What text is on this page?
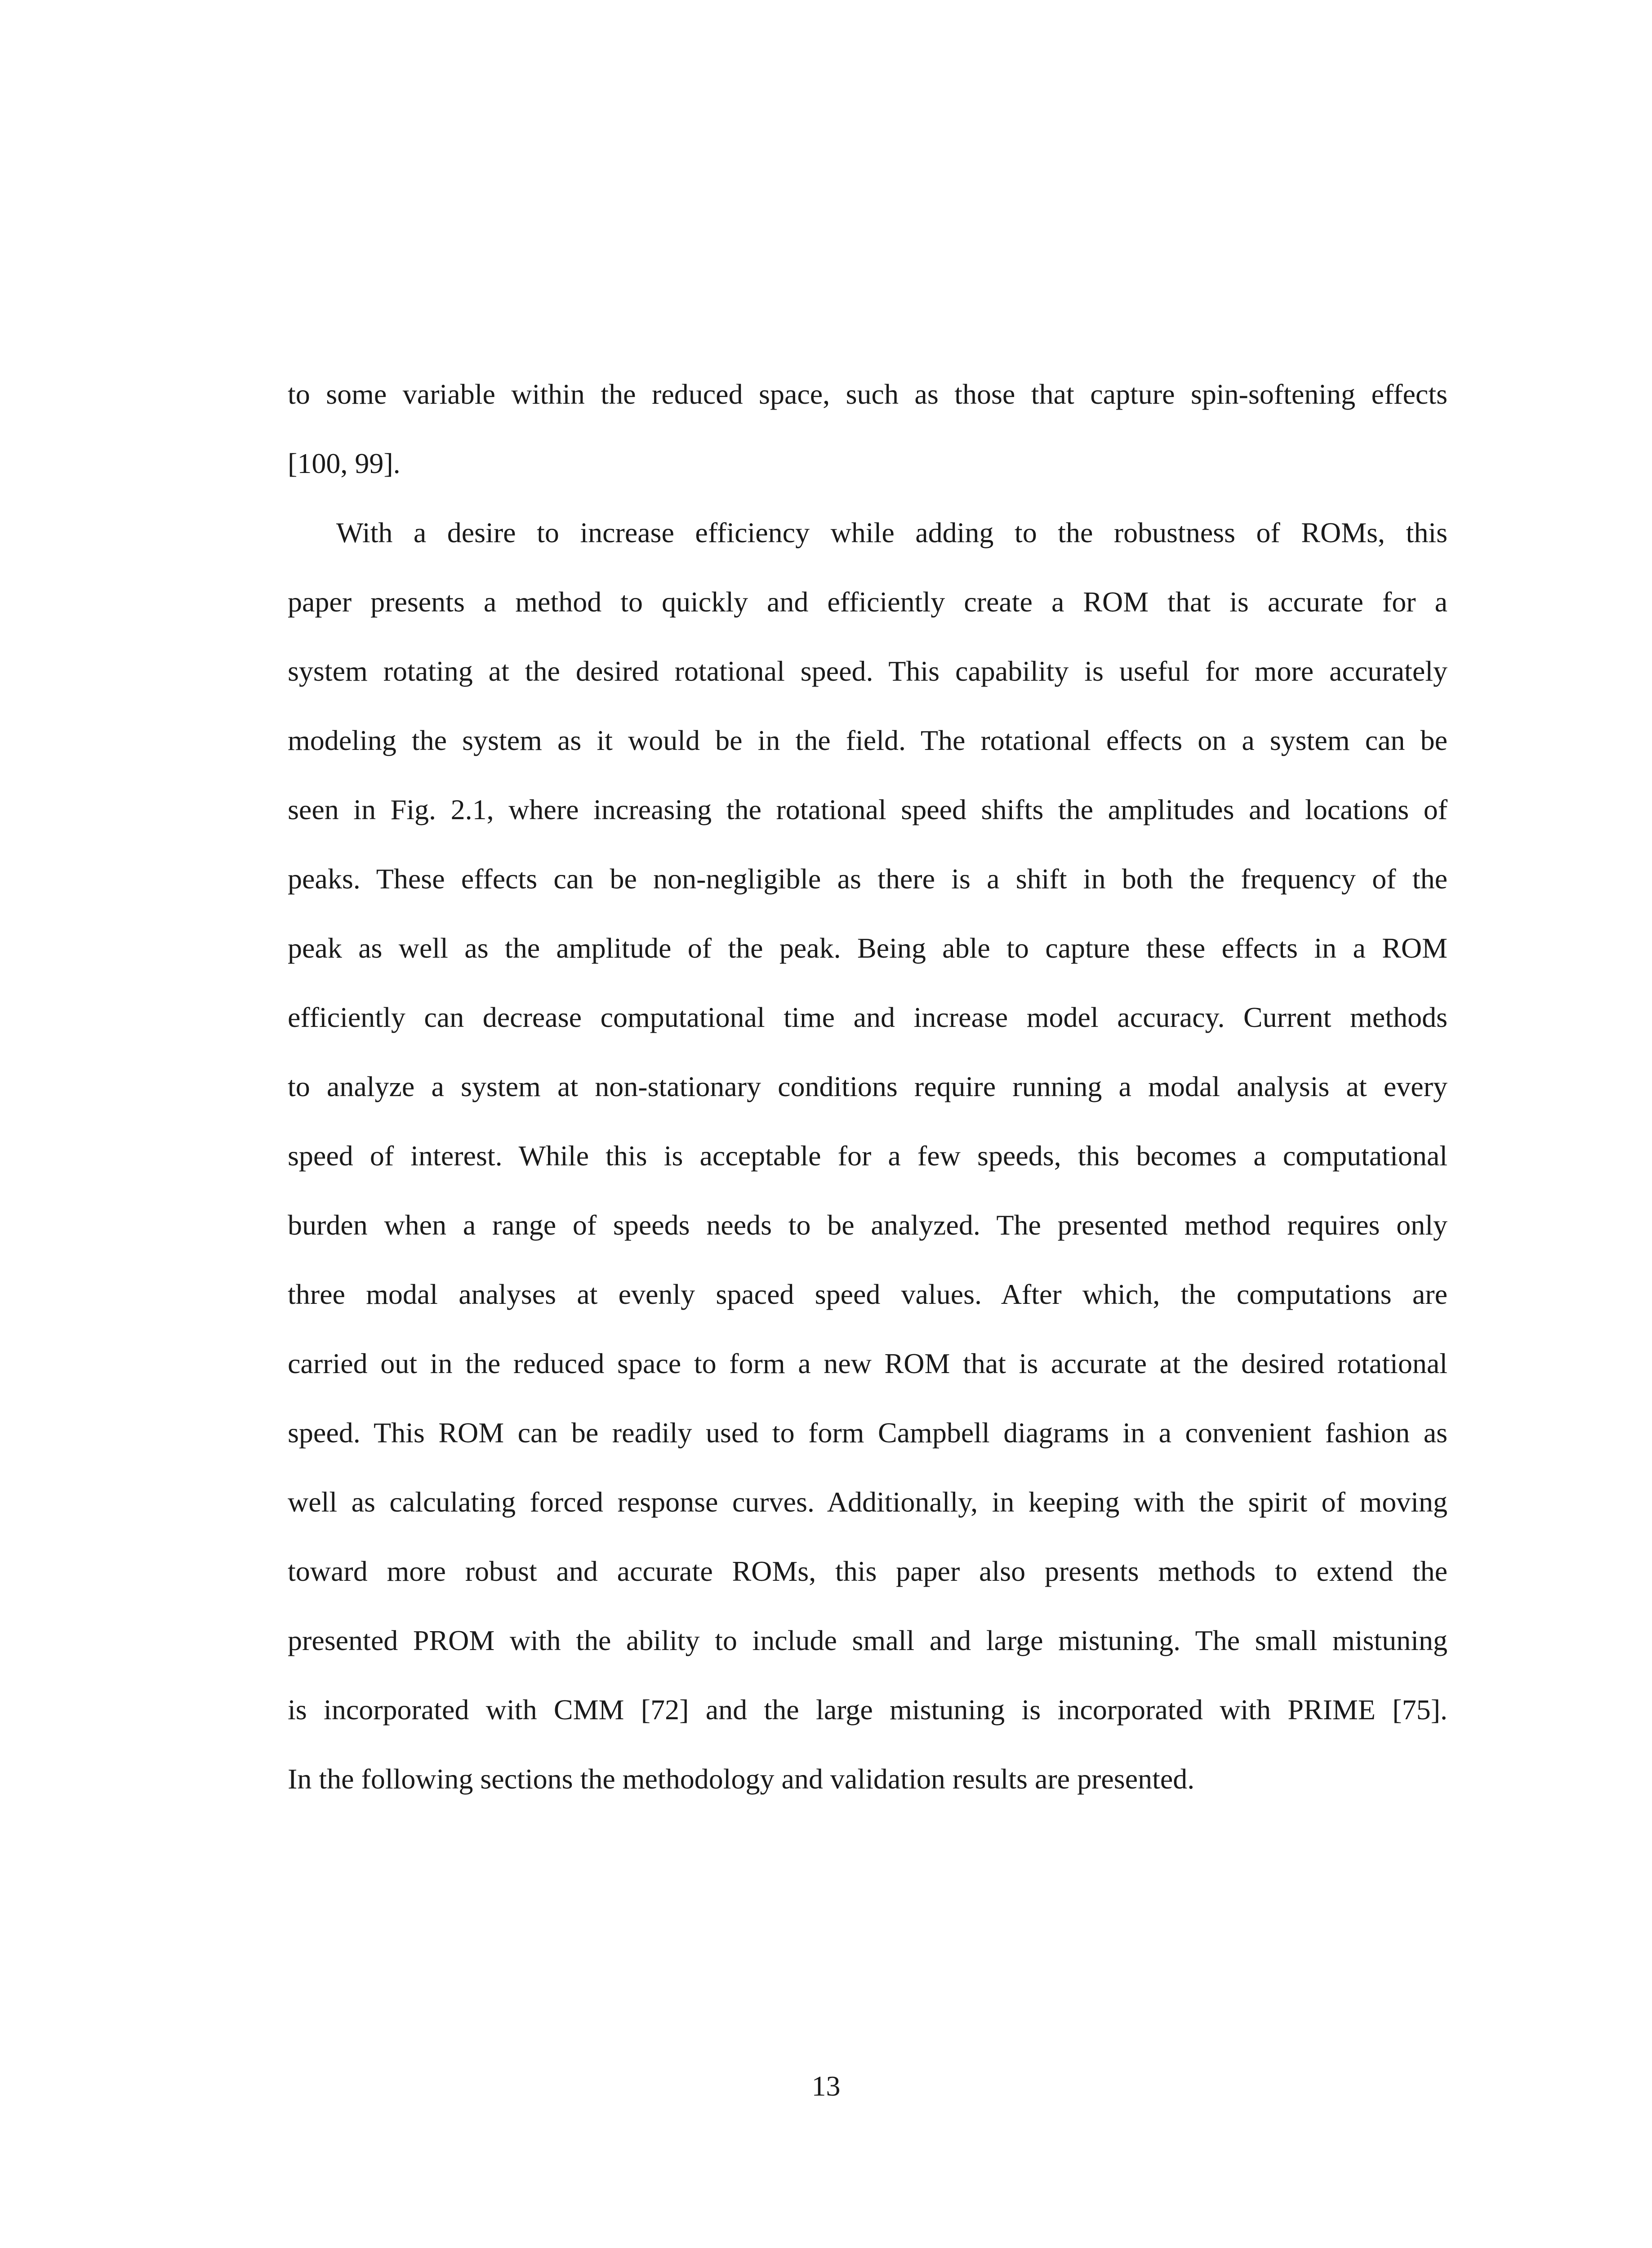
to some variable within the reduced space, such as those that capture spin-softening effects
[100, 99].
With a desire to increase efficiency while adding to the robustness of ROMs, this
paper presents a method to quickly and efficiently create a ROM that is accurate for a
system rotating at the desired rotational speed. This capability is useful for more accurately
modeling the system as it would be in the field. The rotational effects on a system can be
seen in Fig. 2.1, where increasing the rotational speed shifts the amplitudes and locations of
peaks. These effects can be non-negligible as there is a shift in both the frequency of the
peak as well as the amplitude of the peak. Being able to capture these effects in a ROM
efficiently can decrease computational time and increase model accuracy. Current methods
to analyze a system at non-stationary conditions require running a modal analysis at every
speed of interest. While this is acceptable for a few speeds, this becomes a computational
burden when a range of speeds needs to be analyzed. The presented method requires only
three modal analyses at evenly spaced speed values. After which, the computations are
carried out in the reduced space to form a new ROM that is accurate at the desired rotational
speed. This ROM can be readily used to form Campbell diagrams in a convenient fashion as
well as calculating forced response curves. Additionally, in keeping with the spirit of moving
toward more robust and accurate ROMs, this paper also presents methods to extend the
presented PROM with the ability to include small and large mistuning. The small mistuning
is incorporated with CMM [72] and the large mistuning is incorporated with PRIME [75].
In the following sections the methodology and validation results are presented.
13
